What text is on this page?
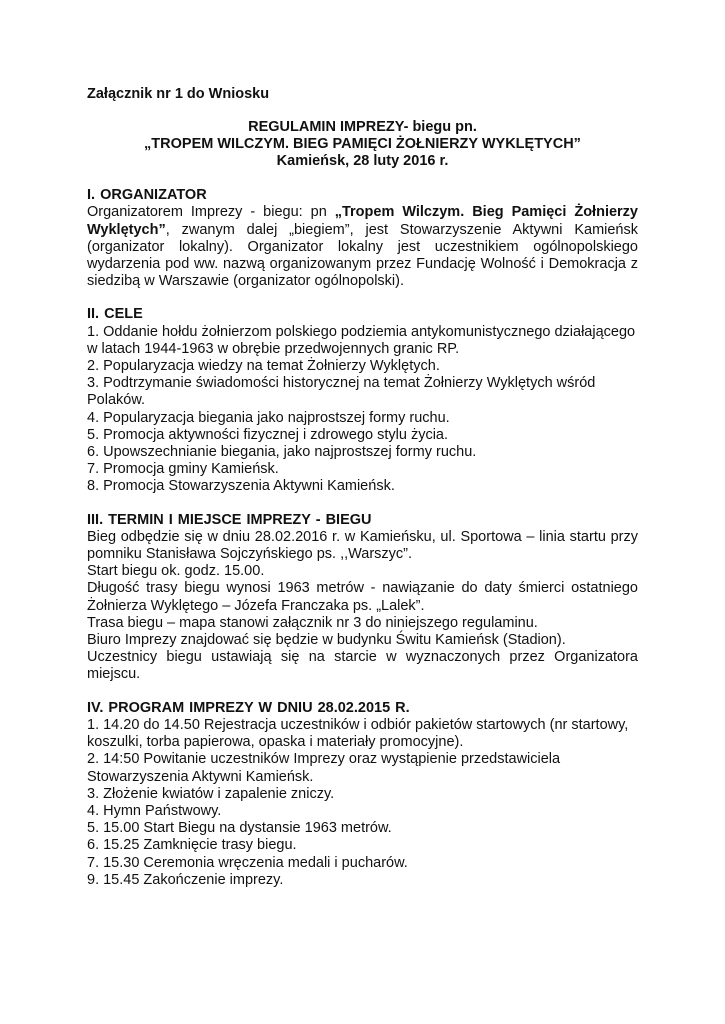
Załącznik nr 1 do Wniosku

REGULAMIN IMPREZY- biegu pn.
„TROPEM WILCZYM. BIEG PAMIĘCI ŻOŁNIERZY WYKLĘTYCH”
Kamieńsk, 28 luty 2016 r.
I. ORGANIZATOR

Organizatorem Imprezy - biegu: pn „Tropem Wilczym. Bieg Pamięci Żołnierzy Wyklętych”, zwanym dalej „biegiem”, jest Stowarzyszenie Aktywni Kamieńsk (organizator lokalny). Organizator lokalny jest uczestnikiem ogólnopolskiego wydarzenia pod ww. nazwą organizowanym przez Fundację Wolność i Demokracja z siedzibą w Warszawie (organizator ogólnopolski).

II. CELE

1. Oddanie hołdu żołnierzom polskiego podziemia antykomunistycznego działającego w latach 1944-1963 w obrębie przedwojennych granic RP.

2. Popularyzacja wiedzy na temat Żołnierzy Wyklętych.

3. Podtrzymanie świadomości historycznej na temat Żołnierzy Wyklętych wśród Polaków.

4. Popularyzacja biegania jako najprostszej formy ruchu.

5. Promocja aktywności fizycznej i zdrowego stylu życia.

6. Upowszechnianie biegania, jako najprostszej formy ruchu.

7. Promocja gminy Kamieńsk.

8. Promocja Stowarzyszenia Aktywni Kamieńsk.

III. TERMIN I MIEJSCE IMPREZY - BIEGU

Bieg odbędzie się w dniu 28.02.2016 r. w Kamieńsku, ul. Sportowa – linia startu przy pomniku Stanisława Sojczyńskiego ps. ,,Warszyc”.

Start biegu ok. godz. 15.00.

Długość trasy biegu wynosi 1963 metrów - nawiązanie do daty śmierci ostatniego Żołnierza Wyklętego – Józefa Franczaka ps. „Lalek”.

Trasa biegu – mapa stanowi załącznik nr 3 do niniejszego regulaminu.

Biuro Imprezy znajdować się będzie w budynku Świtu Kamieńsk (Stadion).

Uczestnicy biegu ustawiają się na starcie w wyznaczonych przez Organizatora miejscu.

IV. PROGRAM IMPREZY W DNIU 28.02.2015 R.

1. 14.20 do 14.50 Rejestracja uczestników i odbiór pakietów startowych (nr startowy, koszulki, torba papierowa, opaska i materiały promocyjne).

2. 14:50 Powitanie uczestników Imprezy oraz wystąpienie przedstawiciela Stowarzyszenia Aktywni Kamieńsk.

3. Złożenie kwiatów i zapalenie zniczy.

4. Hymn Państwowy.

5. 15.00 Start Biegu na dystansie 1963 metrów.

6. 15.25 Zamknięcie trasy biegu.

7. 15.30 Ceremonia wręczenia medali i pucharów.

9. 15.45 Zakończenie imprezy.
